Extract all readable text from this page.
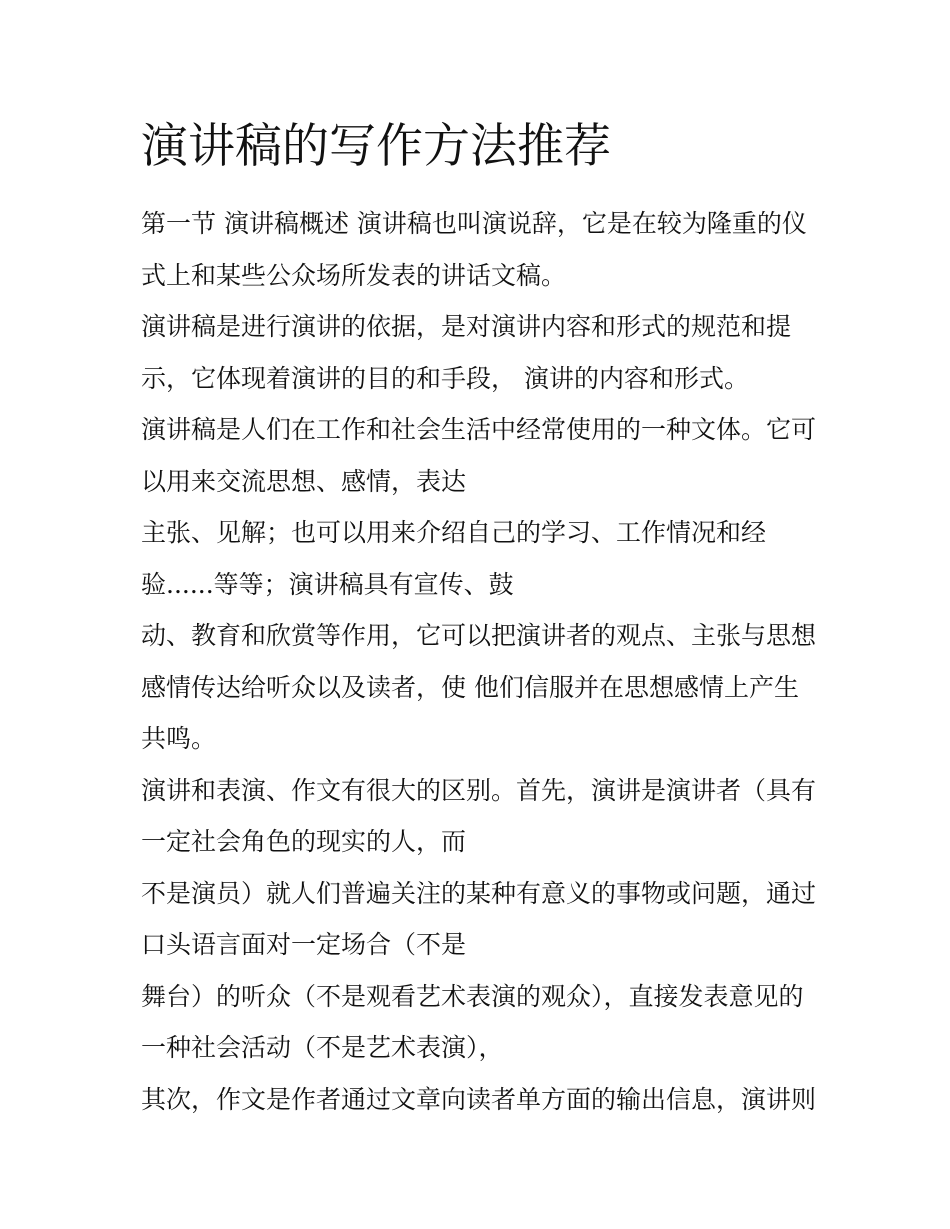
演讲稿的写作方法推荐
第一节 演讲稿概述 演讲稿也叫演说辞，它是在较为隆重的仪
式上和某些公众场所发表的讲话文稿。
演讲稿是进行演讲的依据，是对演讲内容和形式的规范和提
示，它体现着演讲的目的和手段， 演讲的内容和形式。
演讲稿是人们在工作和社会生活中经常使用的一种文体。它可
以用来交流思想、感情，表达
主张、见解；也可以用来介绍自己的学习、工作情况和经
验......等等；演讲稿具有宣传、鼓
动、教育和欣赏等作用，它可以把演讲者的观点、主张与思想
感情传达给听众以及读者，使 他们信服并在思想感情上产生
共鸣。
演讲和表演、作文有很大的区别。首先，演讲是演讲者（具有
一定社会角色的现实的人，而
不是演员）就人们普遍关注的某种有意义的事物或问题，通过
口头语言面对一定场合（不是
舞台）的听众（不是观看艺术表演的观众），直接发表意见的
一种社会活动（不是艺术表演），
其次，作文是作者通过文章向读者单方面的输出信息，演讲则
